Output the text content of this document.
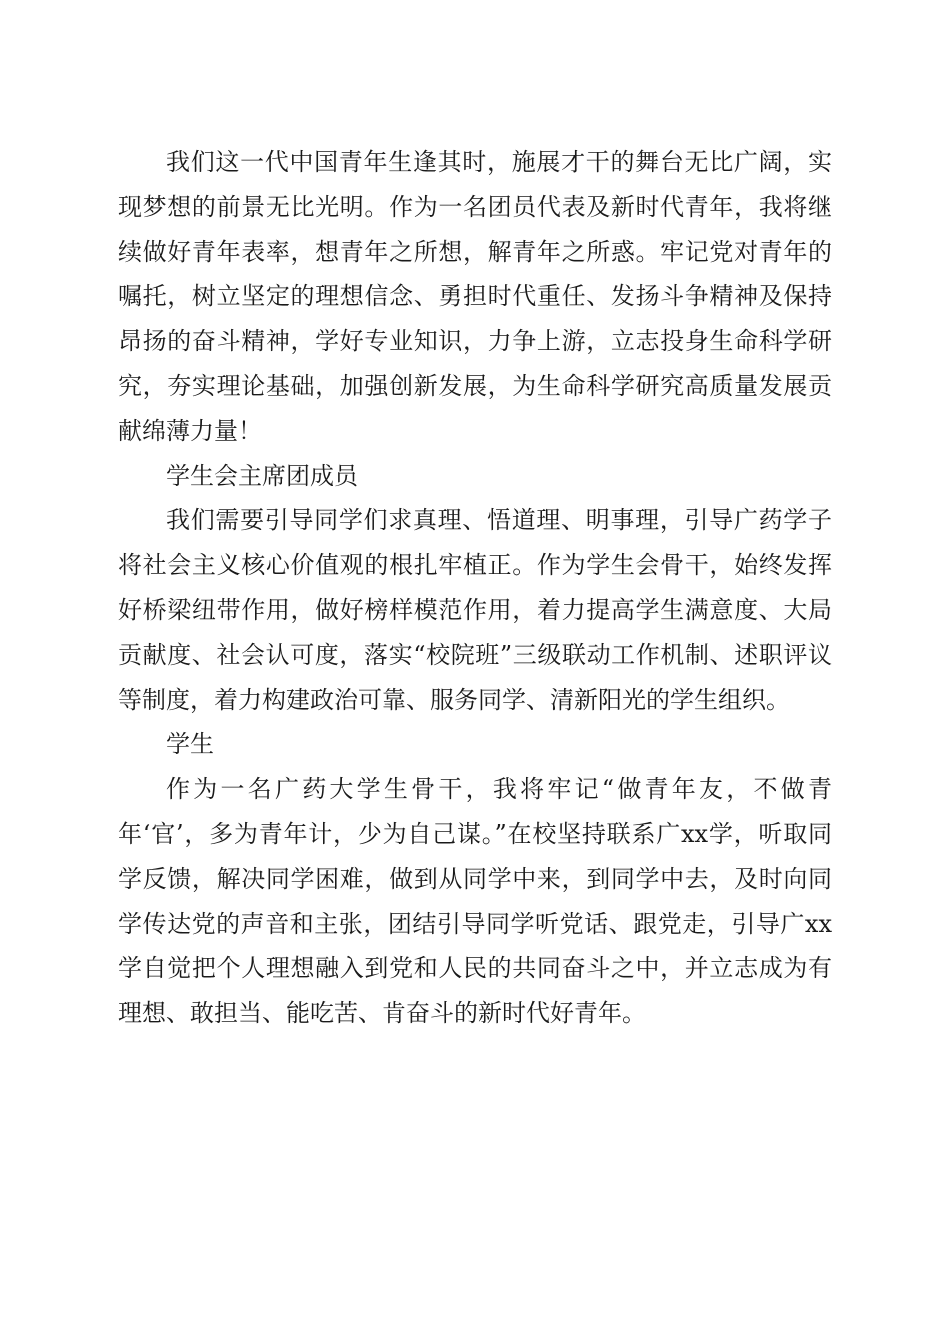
我们这一代中国青年生逢其时，施展才干的舞台无比广阔，实现梦想的前景无比光明。作为一名团员代表及新时代青年，我将继续做好青年表率，想青年之所想，解青年之所惑。牢记党对青年的嘱托，树立坚定的理想信念、勇担时代重任、发扬斗争精神及保持昂扬的奋斗精神，学好专业知识，力争上游，立志投身生命科学研究，夯实理论基础，加强创新发展，为生命科学研究高质量发展贡献绵薄力量！

学生会主席团成员

我们需要引导同学们求真理、悟道理、明事理，引导广药学子将社会主义核心价值观的根扎牢植正。作为学生会骨干，始终发挥好桥梁纽带作用，做好榜样模范作用，着力提高学生满意度、大局贡献度、社会认可度，落实“校院班”三级联动工作机制、述职评议等制度，着力构建政治可靠、服务同学、清新阳光的学生组织。

学生

作为一名广药大学生骨干，我将牢记“做青年友，不做青年‘官’，多为青年计，少为自己谋。”在校坚持联系广xx学，听取同学反馈，解决同学困难，做到从同学中来，到同学中去，及时向同学传达党的声音和主张，团结引导同学听党话、跟党走，引导广xx学自觉把个人理想融入到党和人民的共同奋斗之中，并立志成为有理想、敢担当、能吃苦、肯奋斗的新时代好青年。
